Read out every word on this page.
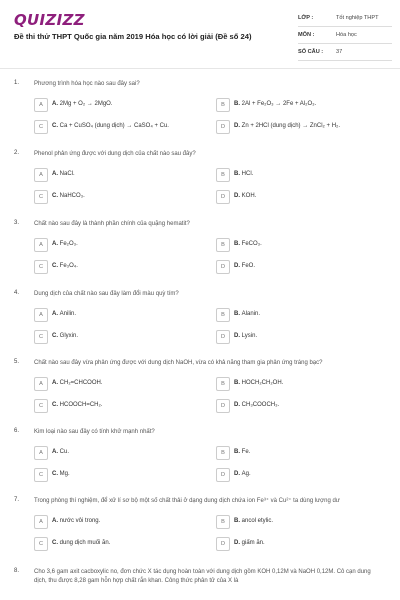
QUIZIZZ
Đề thi thử THPT Quốc gia năm 2019 Hóa học có lời giải (Đề số 24)
LỚP :	Tốt nghiệp THPT
MÔN :	Hóa học
SỐ CÂU :	37
1. Phương trình hóa học nào sau đây sai?
A	A. 2Mg + O₂ → 2MgO.	B	B. 2Al + Fe₂O₃ → 2Fe + Al₂O₃.
C	C. Ca + CuSO₄ (dung dịch) → CaSO₄ + Cu.	D	D. Zn + 2HCl (dung dịch) → ZnCl₂ + H₂.
2. Phenol phản ứng được với dung dịch của chất nào sau đây?
A	A. NaCl.	B	B. HCl.
C	C. NaHCO₃.	D	D. KOH.
3. Chất nào sau đây là thành phần chính của quặng hematit?
A	A. Fe₂O₃.	B	B. FeCO₃.
C	C. Fe₃O₄.	D	D. FeO.
4. Dung dịch của chất nào sau đây làm đổi màu quỳ tím?
A	A. Anilin.	B	B. Alanin.
C	C. Glyxin.	D	D. Lysin.
5. Chất nào sau đây vừa phản ứng được với dung dịch NaOH, vừa có khả năng tham gia phản ứng tráng bạc?
A	A. CH₂=CHCOOH.	B	B. HOCH₂CH₂OH.
C	C. HCOOCH=CH₂.	D	D. CH₃COOCH₃.
6. Kim loại nào sau đây có tính khử mạnh nhất?
A	A. Cu.	B	B. Fe.
C	C. Mg.	D	D. Ag.
7. Trong phòng thí nghiệm, để xử lí sơ bộ một số chất thải ở dạng dung dịch chứa ion Fe³⁺ và Cu²⁺ ta dùng lượng dư
A	A. nước vôi trong.	B	B. ancol etylic.
C	C. dung dịch muối ăn.	D	D. giấm ăn.
8. Cho 3,6 gam axit cacboxylic no, đơn chức X tác dụng hoàn toàn với dung dịch gồm KOH 0,12M và NaOH 0,12M. Cô cạn dung dịch, thu được 8,28 gam hỗn hợp chất rắn khan. Công thức phân tử của X là
